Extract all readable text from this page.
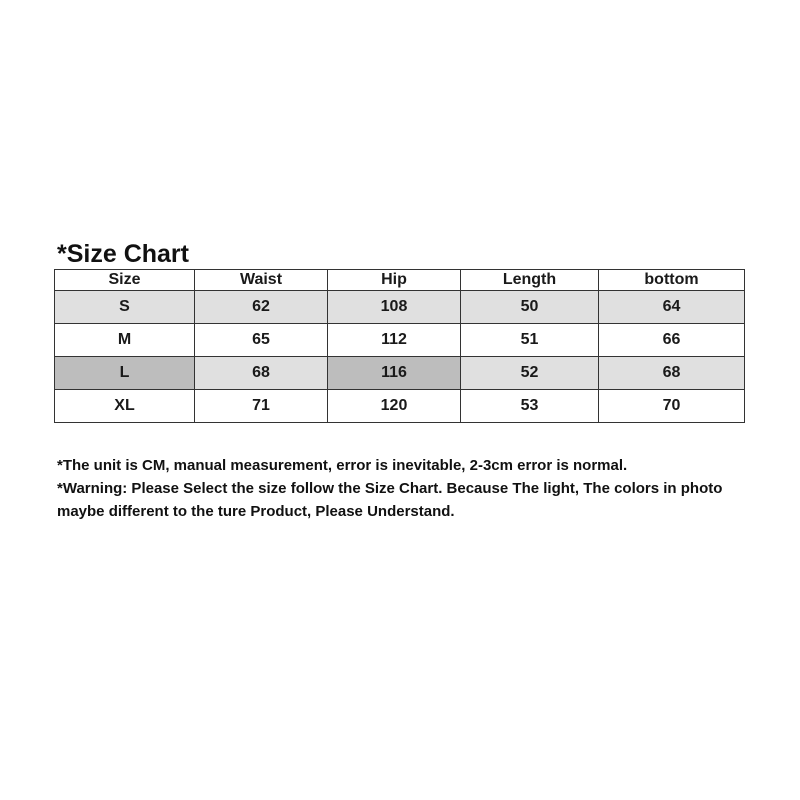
*Size Chart
Size	Waist	Hip	Length	bottom
S	62	108	50	64
M	65	112	51	66
L	68	116	52	68
XL	71	120	53	70

*The unit is CM, manual measurement, error is inevitable, 2-3cm error is normal.

*Warning: Please Select the size follow the Size Chart. Because The light, The colors in photo maybe different to the ture Product, Please Understand.
